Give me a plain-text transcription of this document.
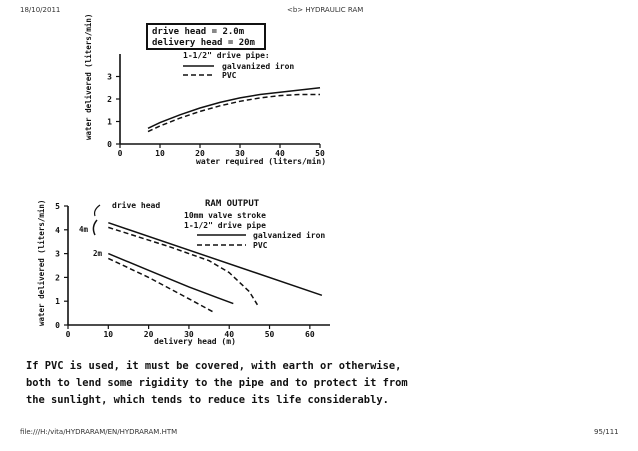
18/10/2011	<b> HYDRAULIC RAM
drive head = 2.0m
delivery head = 20m
1-1/2" drive pipe:
galvanized iron
PVC
water required (liters/min)
water delivered (liters/min)
0	10	20	30	40	50
0
1
2
3
drive head	RAM OUTPUT
10mm valve stroke
1-1/2" drive pipe
galvanized iron
PVC
4m
2m
delivery head (m)
water delivered (liters/min)
0	10	20	30	40	50	60
0
1
2
3
4
5
If PVC is used, it must be covered, with earth or otherwise,
both to lend some rigidity to the pipe and to protect it from
the sunlight, which tends to reduce its life considerably.
file:///H:/vita/HYDRARAM/EN/HYDRARAM.HTM	95/111
